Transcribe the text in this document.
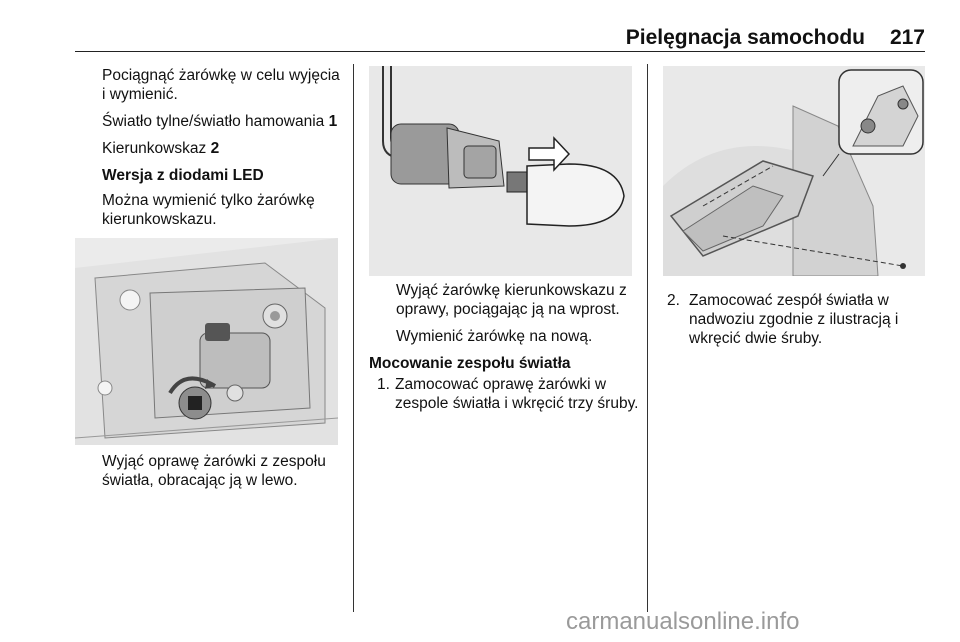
Pielęgnacja samochodu 217

Pociągnąć żarówkę w celu wyjęcia i wymienić.

Światło tylne/światło hamowania 1

Kierunkowskaz 2

Wersja z diodami LED

Można wymienić tylko żarówkę kierunkowskazu.

Wyjąć oprawę żarówki z zespołu światła, obracając ją w lewo.

Wyjąć żarówkę kierunkowskazu z oprawy, pociągając ją na wprost.

Wymienić żarówkę na nową.

Mocowanie zespołu światła

1. Zamocować oprawę żarówki w zespole światła i wkręcić trzy śruby.
2. Zamocować zespół światła w nadwoziu zgodnie z ilustracją i wkręcić dwie śruby.
carmanualsonline.info
